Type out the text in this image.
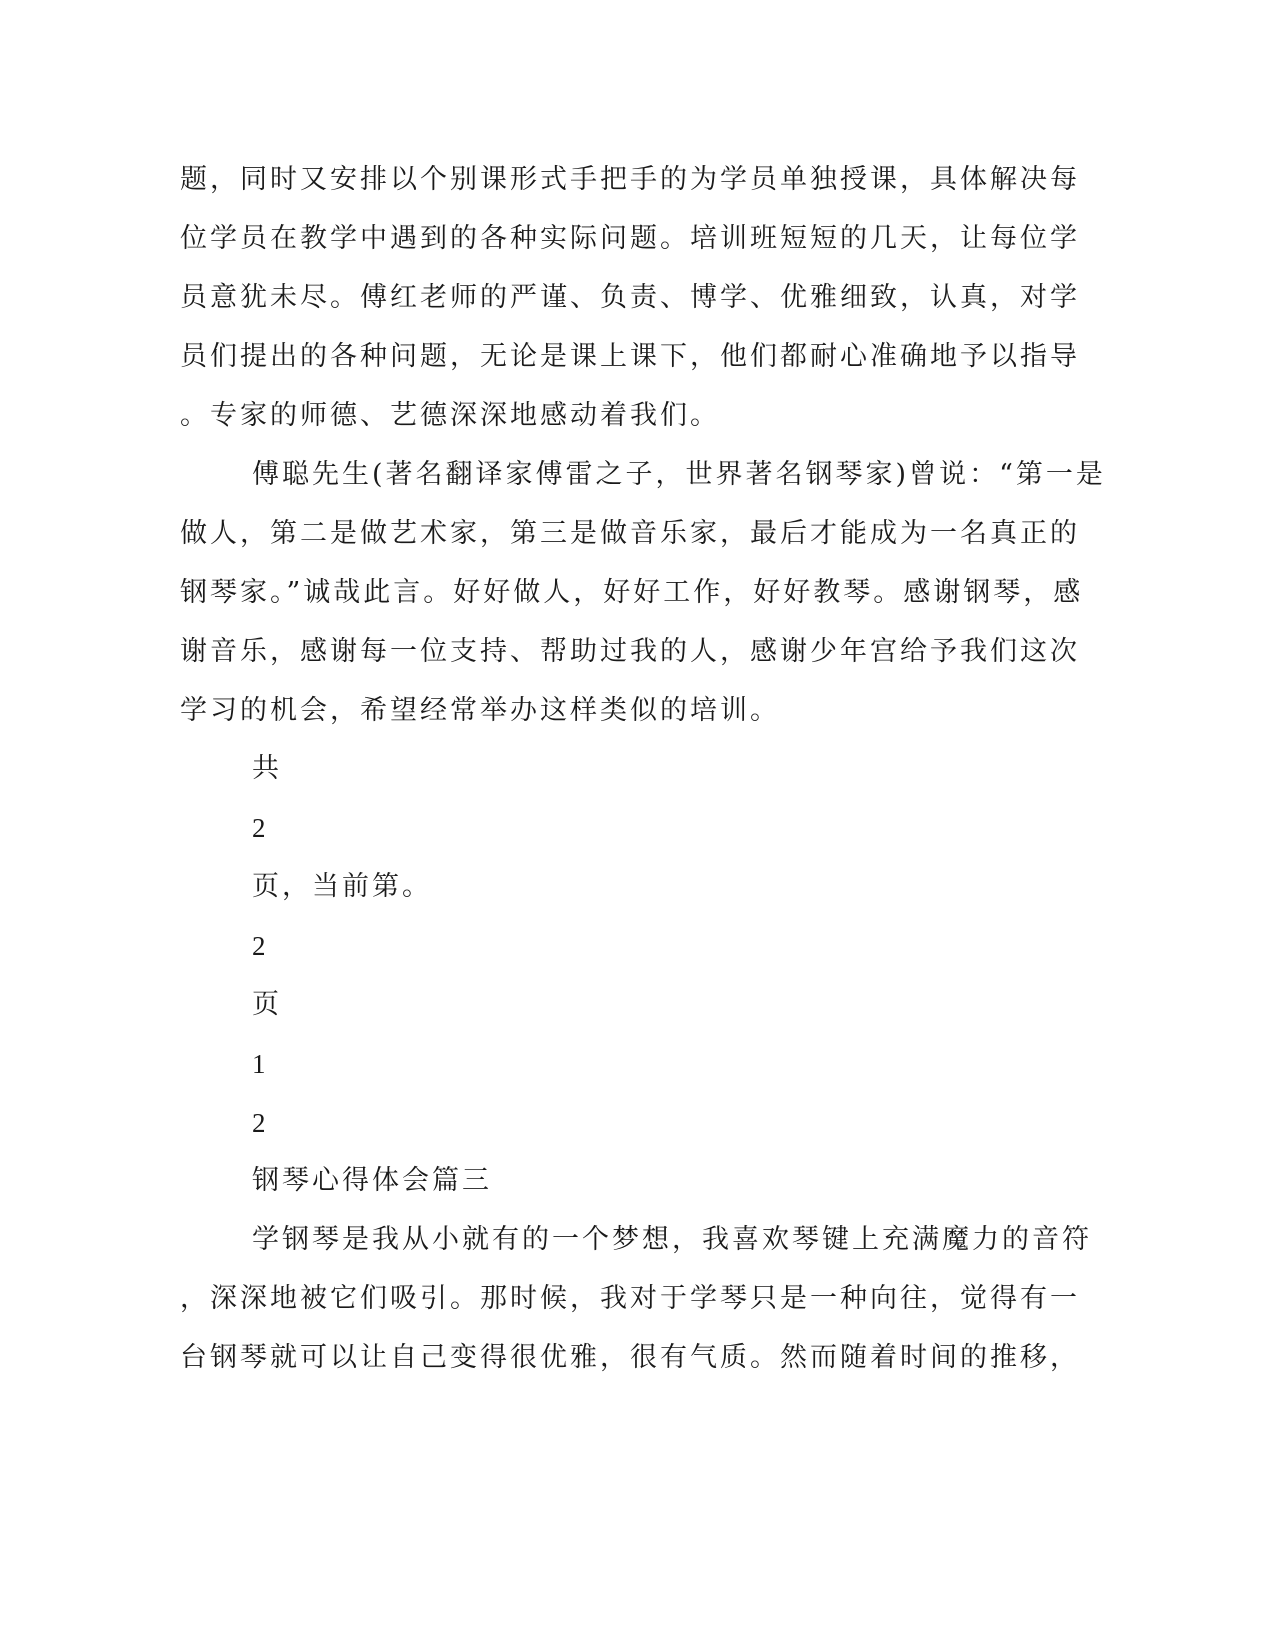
题，同时又安排以个别课形式手把手的为学员单独授课，具体解决每
位学员在教学中遇到的各种实际问题。培训班短短的几天，让每位学
员意犹未尽。傅红老师的严谨、负责、博学、优雅细致，认真，对学
员们提出的各种问题，无论是课上课下，他们都耐心准确地予以指导
。专家的师德、艺德深深地感动着我们。
傅聪先生(著名翻译家傅雷之子，世界著名钢琴家)曾说：“第一是
做人，第二是做艺术家，第三是做音乐家，最后才能成为一名真正的
钢琴家。”诚哉此言。好好做人，好好工作，好好教琴。感谢钢琴，感
谢音乐，感谢每一位支持、帮助过我的人，感谢少年宫给予我们这次
学习的机会，希望经常举办这样类似的培训。
共
2
页，当前第。
2
页
1
2
钢琴心得体会篇三
学钢琴是我从小就有的一个梦想，我喜欢琴键上充满魔力的音符
，深深地被它们吸引。那时候，我对于学琴只是一种向往，觉得有一
台钢琴就可以让自己变得很优雅，很有气质。然而随着时间的推移，
